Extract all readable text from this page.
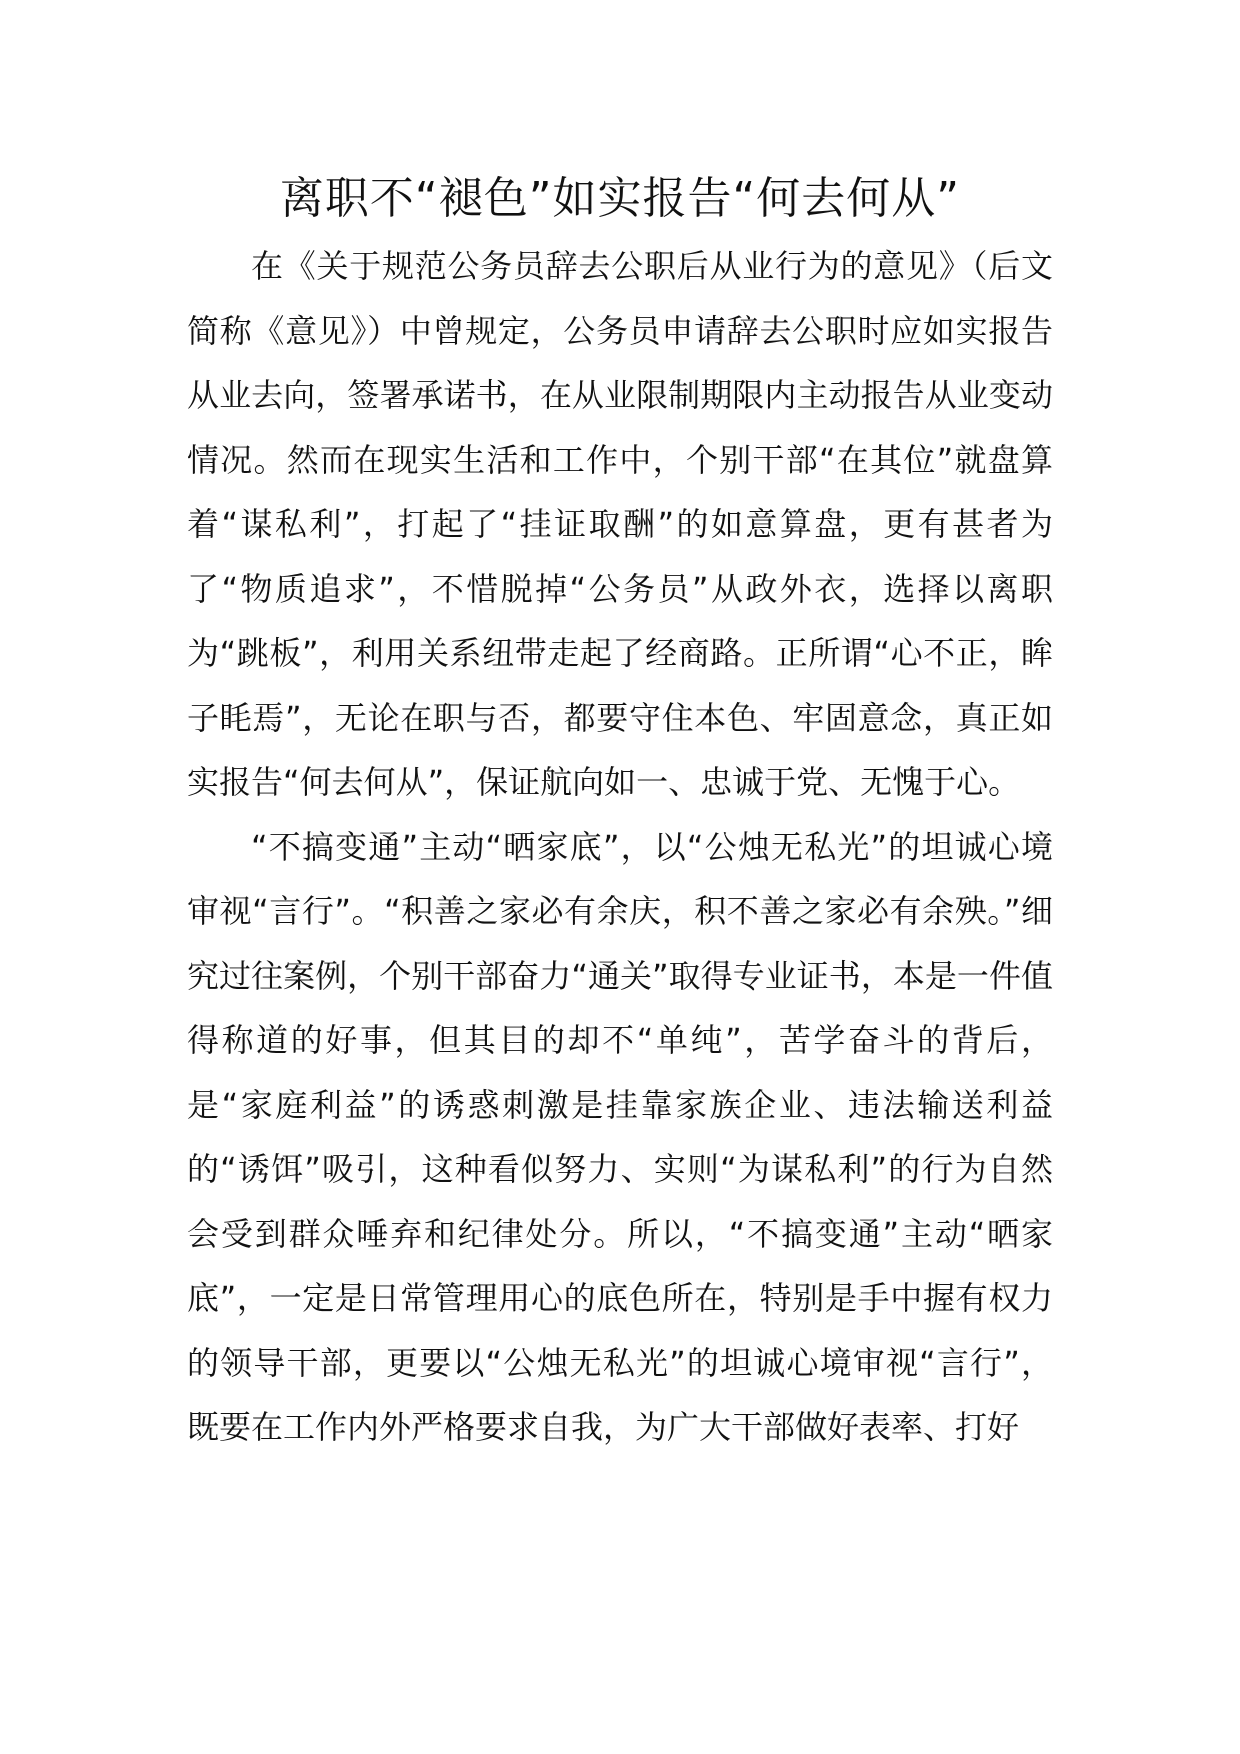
离职不“褪色”如实报告“何去何从”

在《关于规范公务员辞去公职后从业行为的意见》（后文简称《意见》）中曾规定，公务员申请辞去公职时应如实报告从业去向，签署承诺书，在从业限制期限内主动报告从业变动情况。然而在现实生活和工作中，个别干部“在其位”就盘算着“谋私利”，打起了“挂证取酬”的如意算盘，更有甚者为了“物质追求”，不惜脱掉“公务员”从政外衣，选择以离职为“跳板”，利用关系纽带走起了经商路。正所谓“心不正，眸子眊焉”，无论在职与否，都要守住本色、牢固意念，真正如实报告“何去何从”，保证航向如一、忠诚于党、无愧于心。

“不搞变通”主动“晒家底”，以“公烛无私光”的坦诚心境审视“言行”。“积善之家必有余庆，积不善之家必有余殃。”细究过往案例，个别干部奋力“通关”取得专业证书，本是一件值得称道的好事，但其目的却不“单纯”，苦学奋斗的背后，是“家庭利益”的诱惑刺激是挂靠家族企业、违法输送利益的“诱饵”吸引，这种看似努力、实则“为谋私利”的行为自然会受到群众唾弃和纪律处分。所以，“不搞变通”主动“晒家底”，一定是日常管理用心的底色所在，特别是手中握有权力的领导干部，更要以“公烛无私光”的坦诚心境审视“言行”，既要在工作内外严格要求自我，为广大干部做好表率、打好
